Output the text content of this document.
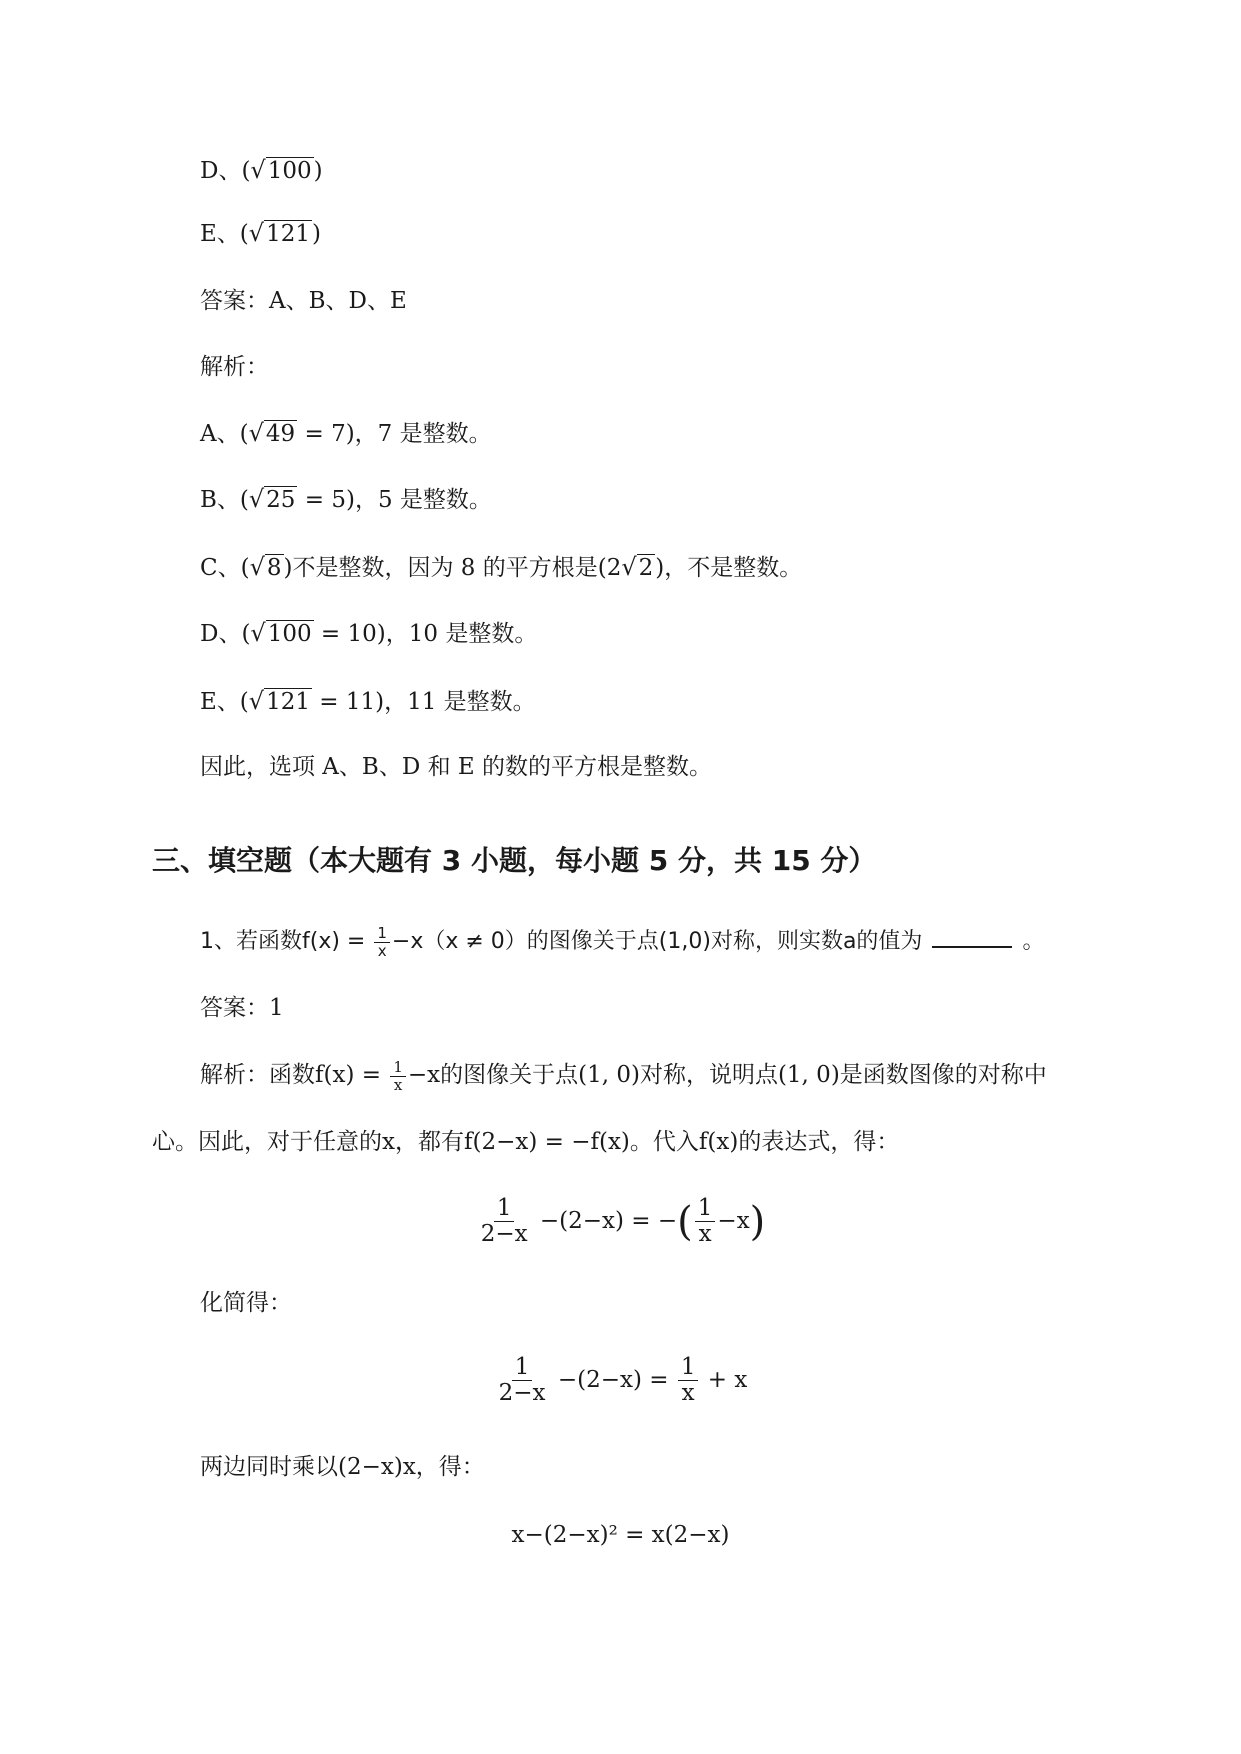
D、(√100)
E、(√121)
答案：A、B、D、E
解析：
A、(√49 = 7)，7 是整数。
B、(√25 = 5)，5 是整数。
C、(√8)不是整数，因为 8 的平方根是(2√2)，不是整数。
D、(√100 = 10)，10 是整数。
E、(√121 = 11)，11 是整数。
因此，选项 A、B、D 和 E 的数的平方根是整数。
三、填空题（本大题有 3 小题，每小题 5 分，共 15 分）
1、若函数$f(x) = \frac{1}{x} -x(x \ne 0)$的图像关于点(1,0)对称，则实数a的值为	。
答案：1
解析：函数$f(x) = \frac{1}{x} -x$的图像关于点(1, 0)对称，说明点(1, 0)是函数图像的对称中
心。因此，对于任意的x，都有f(2−x) = −f(x)。代入f(x)的表达式，得：
$\frac{1}{2-x} -(2-x)$ = −( $\frac{1}{x} -x$)
化简得：
$\frac{1}{2-x} -(2-x) = \frac{1}{x} + x$
两边同时乘以(2−x)x，得：
x−(2−x)² = x(2−x)
